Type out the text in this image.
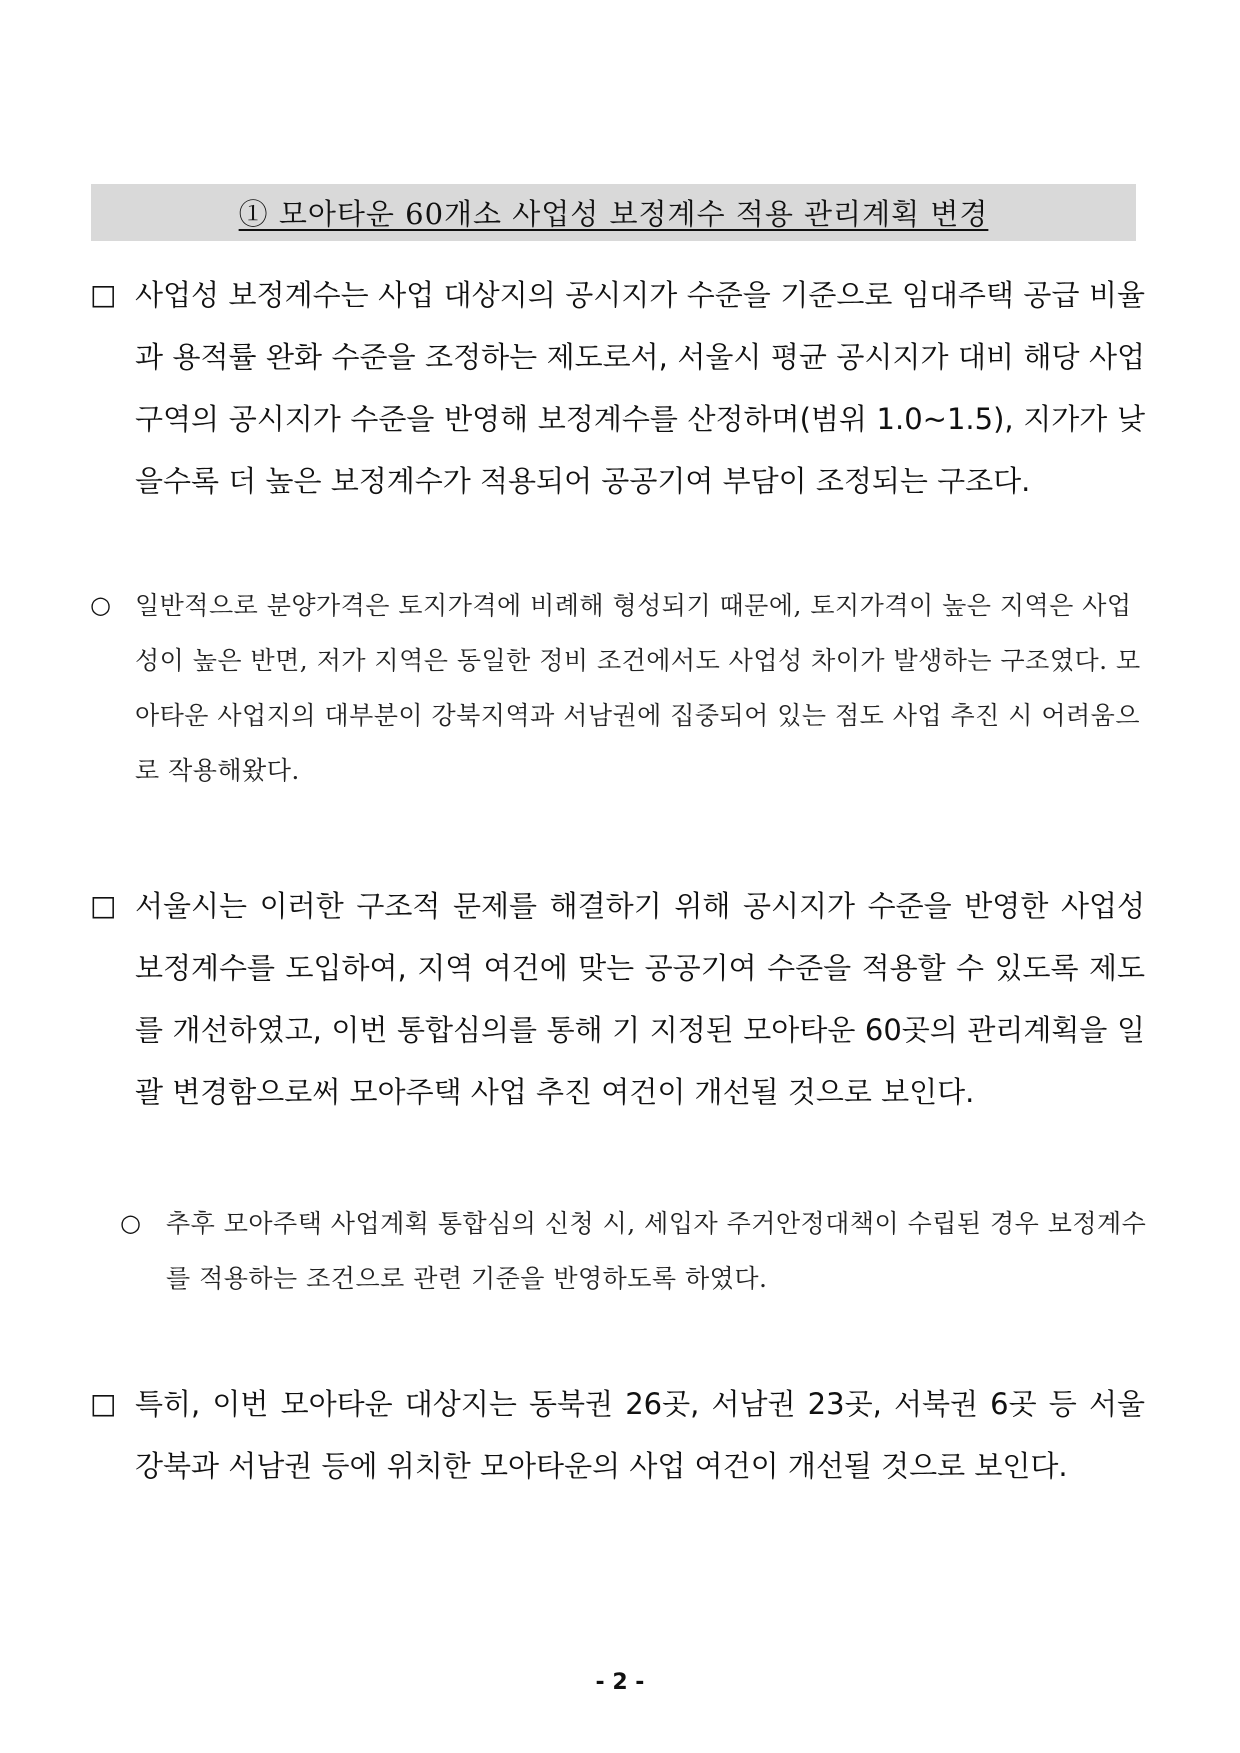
① 모아타운 60개소 사업성 보정계수 적용 관리계획 변경
□ 사업성 보정계수는 사업 대상지의 공시지가 수준을 기준으로 임대주택 공급 비율과 용적률 완화 수준을 조정하는 제도로서, 서울시 평균 공시지가 대비 해당 사업구역의 공시지가 수준을 반영해 보정계수를 산정하며(범위 1.0~1.5), 지가가 낮을수록 더 높은 보정계수가 적용되어 공공기여 부담이 조정되는 구조다.
○ 일반적으로 분양가격은 토지가격에 비례해 형성되기 때문에, 토지가격이 높은 지역은 사업성이 높은 반면, 저가 지역은 동일한 정비 조건에서도 사업성 차이가 발생하는 구조였다. 모아타운 사업지의 대부분이 강북지역과 서남권에 집중되어 있는 점도 사업 추진 시 어려움으로 작용해왔다.
□ 서울시는 이러한 구조적 문제를 해결하기 위해 공시지가 수준을 반영한 사업성 보정계수를 도입하여, 지역 여건에 맞는 공공기여 수준을 적용할 수 있도록 제도를 개선하였고, 이번 통합심의를 통해 기 지정된 모아타운 60곳의 관리계획을 일괄 변경함으로써 모아주택 사업 추진 여건이 개선될 것으로 보인다.
○ 추후 모아주택 사업계획 통합심의 신청 시, 세입자 주거안정대책이 수립된 경우 보정계수를 적용하는 조건으로 관련 기준을 반영하도록 하였다.
□ 특히, 이번 모아타운 대상지는 동북권 26곳, 서남권 23곳, 서북권 6곳 등 서울 강북과 서남권 등에 위치한 모아타운의 사업 여건이 개선될 것으로 보인다.
- 2 -
